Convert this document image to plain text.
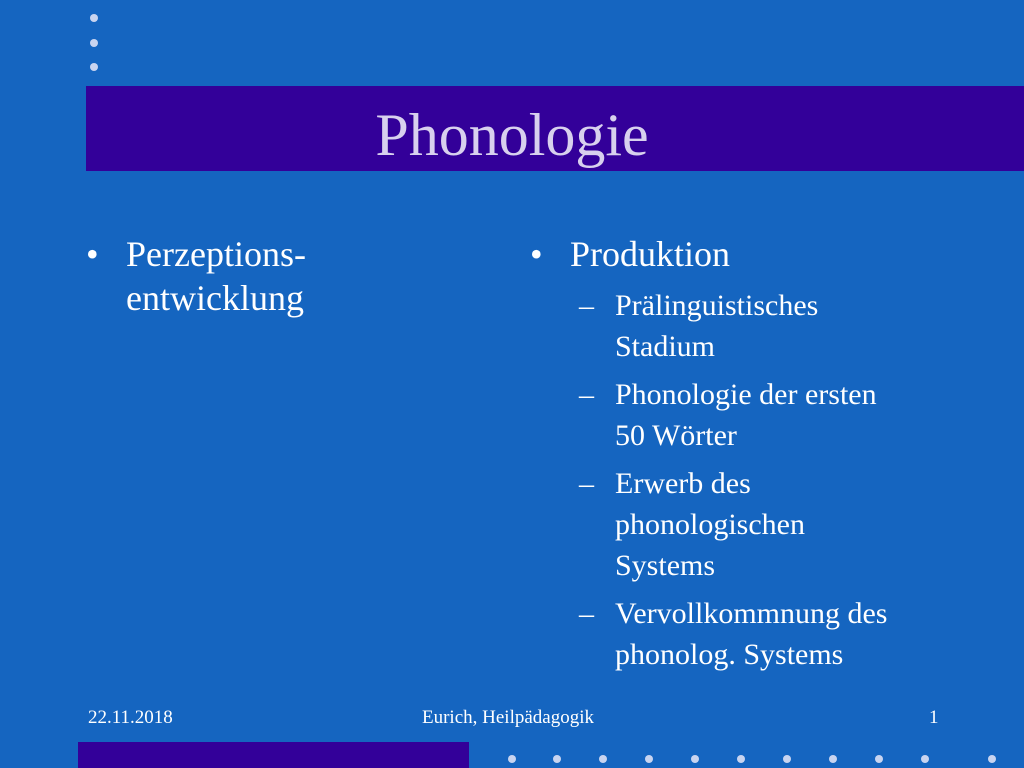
Phonologie
• Perzeptions-
entwicklung
• Produktion
– Prälinguistisches
Stadium
– Phonologie der ersten
50 Wörter
– Erwerb des
phonologischen
Systems
– Vervollkommnung des
phonolog. Systems
22.11.2018	Eurich, Heilpädagogik	1
